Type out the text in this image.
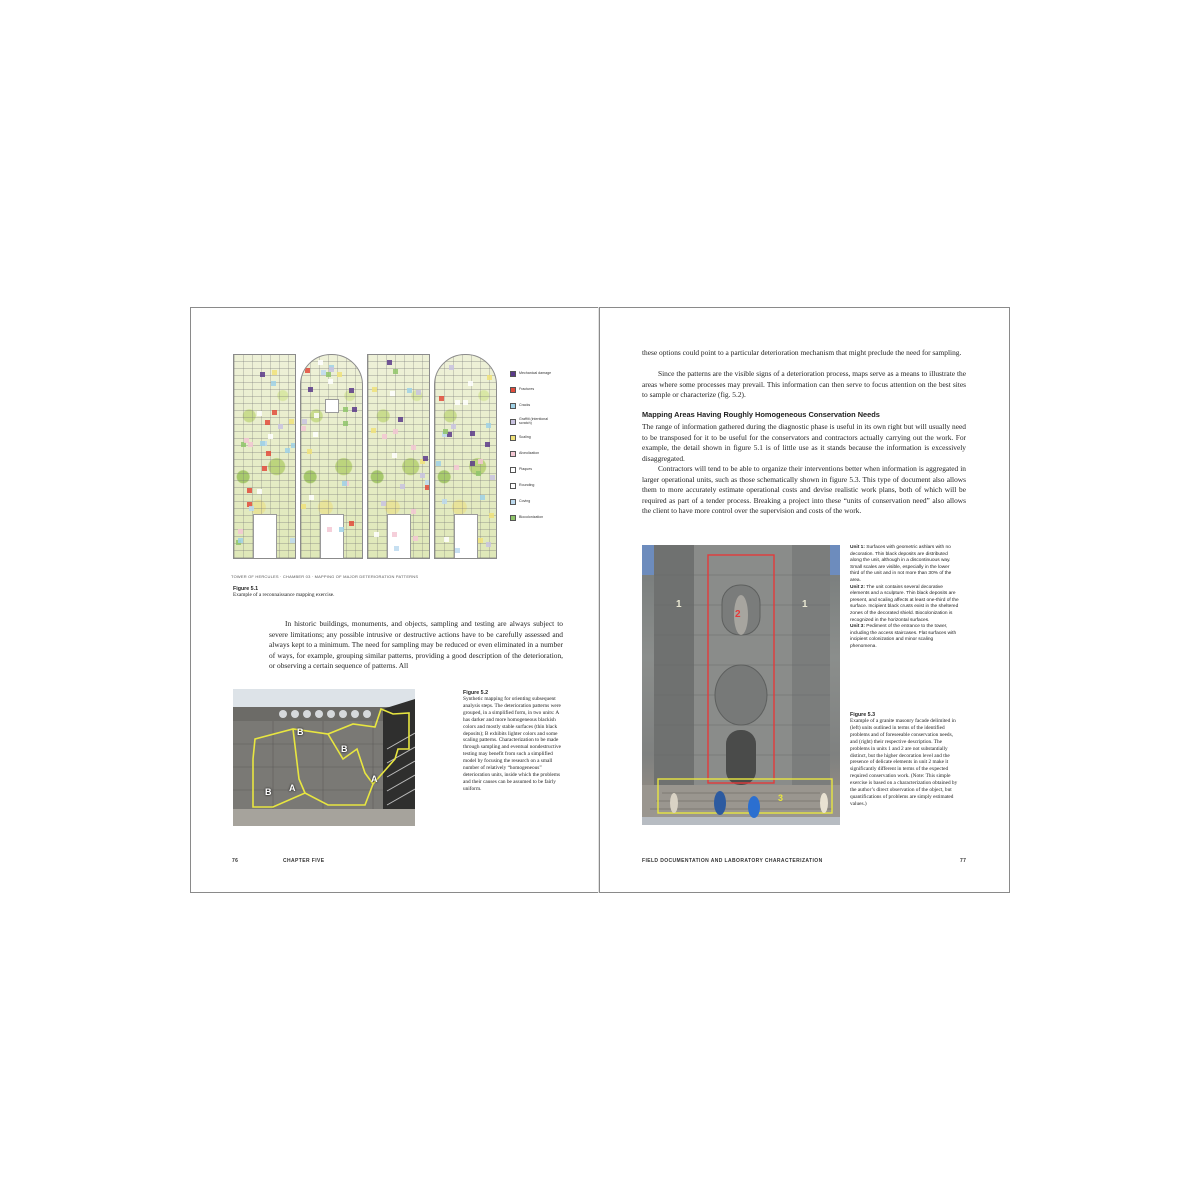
Mechanical damage
Fractures
Cracks
Graffiti (intentional scratch)
Scaling
Alveolization
Plaques
Rounding
Coving
Biocolonization
TOWER OF HERCULES · CHAMBER 03 · MAPPING OF MAJOR DETERIORATION PATTERNS
Figure 5.1
Example of a reconnaissance mapping exercise.
In historic buildings, monuments, and objects, sampling and testing are always subject to severe limitations; any possible intrusive or destructive actions have to be carefully assessed and always kept to a minimum. The need for sampling may be reduced or even eliminated in a number of ways, for example, grouping similar patterns, providing a good description of the deterioration, or observing a certain sequence of patterns. All
B
B
B A
A
Figure 5.2
Synthetic mapping for orienting subsequent analysis steps. The deterioration patterns were grouped, in a simplified form, in two units: A has darker and more homogeneous blackish colors and mostly stable surfaces (thin black deposits); B exhibits lighter colors and some scaling patterns. Characterization to be made through sampling and eventual nondestructive testing may benefit from such a simplified model by focusing the research on a small number of relatively “homogeneous” deterioration units, inside which the problems and their causes can be assumed to be fairly uniform.
76	CHAPTER FIVE
these options could point to a particular deterioration mechanism that might preclude the need for sampling.
Since the patterns are the visible signs of a deterioration process, maps serve as a means to illustrate the areas where some processes may prevail. This information can then serve to focus attention on the best sites to sample or characterize (fig. 5.2).
Mapping Areas Having Roughly Homogeneous Conservation Needs
The range of information gathered during the diagnostic phase is useful in its own right but will usually need to be transposed for it to be useful for the conservators and contractors actually carrying out the work. For example, the detail shown in figure 5.1 is of little use as it stands because the information is excessively disaggregated.
Contractors will tend to be able to organize their interventions better when information is aggregated in larger operational units, such as those schematically shown in figure 5.3. This type of document also allows them to more accurately estimate operational costs and devise realistic work plans, both of which will be required as part of a tender process. Breaking a project into these “units of conservation need” also allows the client to have more control over the supervision and costs of the work.
1
2
1
3
Unit 1: Surfaces with geometric ashlars with no decoration. Thin black deposits are distributed along the unit, although in a discontinuous way. Small scales are visible, especially in the lower third of the unit and in not more than 30% of the area.
Unit 2: The unit contains several decorative elements and a sculpture. Thin black deposits are present, and scaling affects at least one-third of the surface. Incipient black crusts exist in the sheltered zones of the decorated shield. Biocolonization is recognized in the horizontal surfaces.
Unit 3: Pediment of the entrance to the tower, including the access staircases. Flat surfaces with incipient colonization and minor scaling phenomena.
Figure 5.3
Example of a granite masonry facade delimited in (left) units outlined in terms of the identified problems and of foreseeable conservation needs, and (right) their respective description. The problems in units 1 and 2 are not substantially distinct, but the higher decoration level and the presence of delicate elements in unit 2 make it significantly different in terms of the expected required conservation work. (Note: This simple exercise is based on a characterization obtained by the author’s direct observation of the object, but quantifications of problems are simply estimated values.)
FIELD DOCUMENTATION AND LABORATORY CHARACTERIZATION	77
